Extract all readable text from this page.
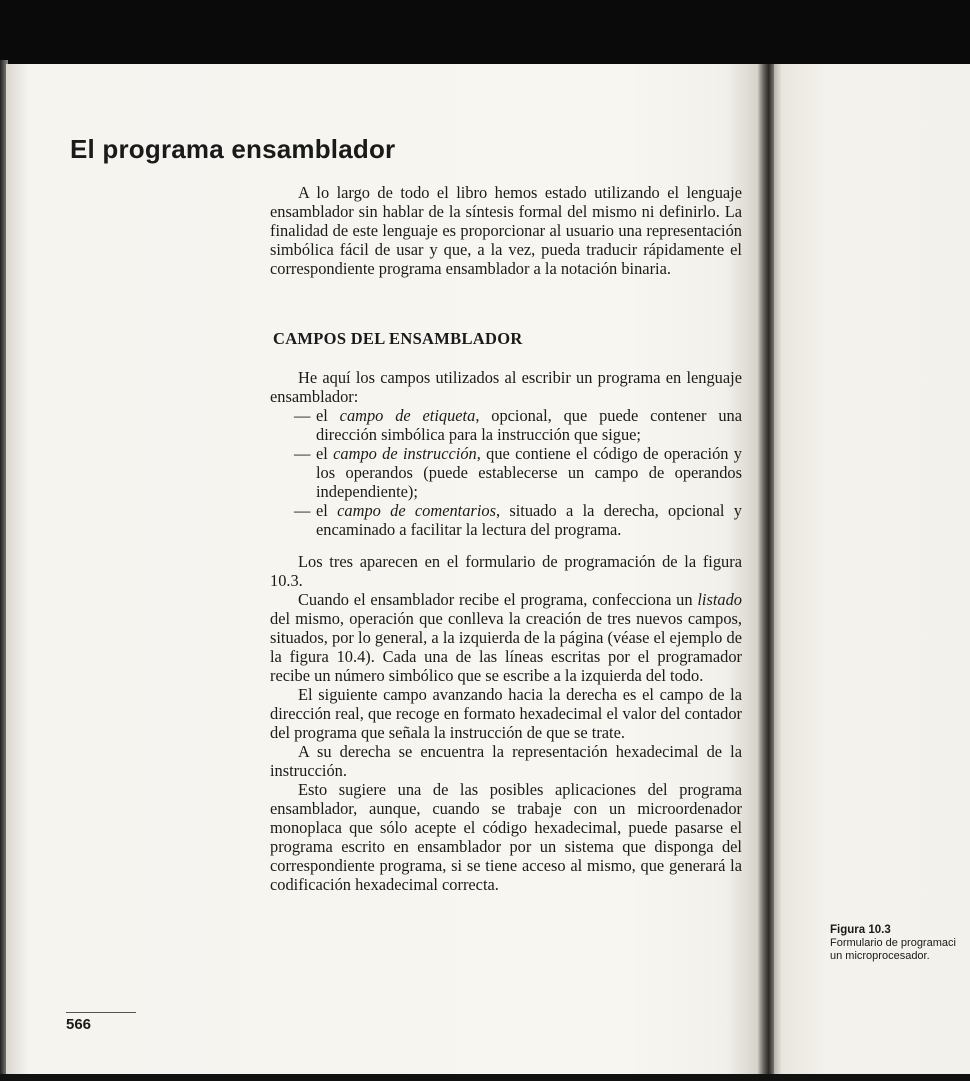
El programa ensamblador

A lo largo de todo el libro hemos estado utilizando el lenguaje ensamblador sin hablar de la síntesis formal del mismo ni definirlo. La finalidad de este lenguaje es proporcionar al usuario una representación simbólica fácil de usar y que, a la vez, pueda traducir rápidamente el correspondiente programa ensamblador a la notación binaria.

CAMPOS DEL ENSAMBLADOR

He aquí los campos utilizados al escribir un programa en lenguaje ensamblador:

— el campo de etiqueta, opcional, que puede contener una dirección simbólica para la instrucción que sigue;
— el campo de instrucción, que contiene el código de operación y los operandos (puede establecerse un campo de operandos independiente);
— el campo de comentarios, situado a la derecha, opcional y encaminado a facilitar la lectura del programa.

Los tres aparecen en el formulario de programación de la figura 10.3.

Cuando el ensamblador recibe el programa, confecciona un listado del mismo, operación que conlleva la creación de tres nuevos campos, situados, por lo general, a la izquierda de la página (véase el ejemplo de la figura 10.4). Cada una de las líneas escritas por el programador recibe un número simbólico que se escribe a la izquierda del todo.

El siguiente campo avanzando hacia la derecha es el campo de la dirección real, que recoge en formato hexadecimal el valor del contador del programa que señala la instrucción de que se trate.

A su derecha se encuentra la representación hexadecimal de la instrucción.

Esto sugiere una de las posibles aplicaciones del programa ensamblador, aunque, cuando se trabaje con un microordenador monoplaca que sólo acepte el código hexadecimal, puede pasarse el programa escrito en ensamblador por un sistema que disponga del correspondiente programa, si se tiene acceso al mismo, que generará la codificación hexadecimal correcta.

566
Figura 10.3
Formulario de programaci
un microprocesador.
